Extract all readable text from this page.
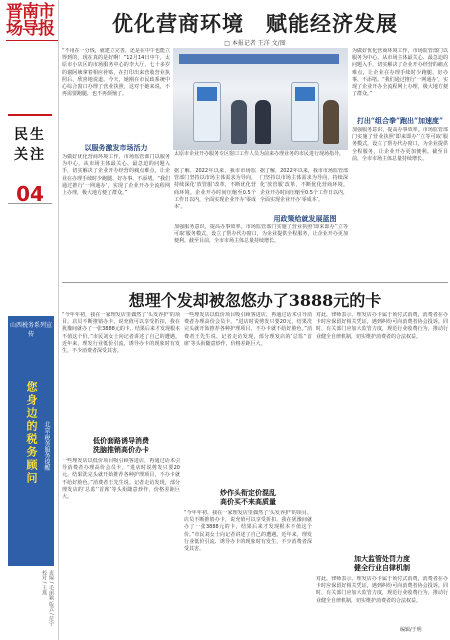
晋南市场导报
民生关注
04
山西税务系列宣传
您身边的税务顾问 北京·税务服务提醒
责编 / 毛丽颖 版式 / 范宇 校对 / 王燕
优化营商环境　赋能经济发展
□ 本报记者 王洋 文/图
“不用在一分钱，就建立完善，还是在中午也能立得到的，现在真的是好啊！”12月14日中午，太原市小店区的市场服务中心的李大厅，七十多岁的谢阿姨拿着相应补贴，在打印出来营收营业执照后，欣喜地说道。今天，她刚在市民政系统中心综合窗口办理了营业执照，这对于她来说，不再需要跑腿，也不再烦恼了。
太原市企业开办服务专区窗口工作人员为前来办理业务的市民进行现场指导。
以服务激发市场活力
为做好优化营商环境工作，市场监管部门以服务为中心，从市场主体最关心、最急迫的问题入手，切实解决了企业开办经营的痛点难点，让企业在办理手续时少跑腿、好办事、不添堵。“我们通过推行‘一网通办’，实现了企业开办全流程网上办理，极大地方便了群众。”
据了解，2022年以来，我市市场监管部门坚持以市场主体需求为导向，持续深化‘放管服’改革，不断优化营商环境。企业开办时间压缩至0.5个工作日以内，全面实现企业开办‘零成本’。
用政策给就发展蓝图
据了解，2022年以来，我市市场监管部门坚持以市场主体需求为导向，持续深化‘放管服’改革，不断优化营商环境。企业开办时间压缩至0.5个工作日以内，全面实现企业开办‘零成本’。
加强服务意识，提高办事效率。市场监管部门实施了营业执照‘即来即办’‘立等可取’服务模式，设立了帮办代办窗口，为企业提供全程服务，让企业开办更加便利。截至目前，全市市场主体总量持续增长。
为做好优化营商环境工作，市场监管部门以服务为中心，从市场主体最关心、最急迫的问题入手，切实解决了企业开办经营的痛点难点，让企业在办理手续时少跑腿、好办事、不添堵。“我们通过推行‘一网通办’，实现了企业开办全流程网上办理，极大地方便了群众。”
打出“组合拳”跑出“加速度”
加强服务意识，提高办事效率。市场监管部门实施了营业执照‘即来即办’‘立等可取’服务模式，设立了帮办代办窗口，为企业提供全程服务，让企业开办更加便利。截至目前，全市市场主体总量持续增长。
想理个发却被忽悠办了3888元的卡
“今年年初，我在一家理发店里偶然了'头发养护'的项目，店员不断推销办卡，说充值可以享受折扣，我在犹豫间就办了一张3888元的卡，结果后来才发现根本不值这个价。”市民刘女士向记者讲述了自己的遭遇。近年来，理发行业低价引流、诱导办卡的现象时有发生，不少消费者深受其害。
低价套路诱导消费
洗脑推销高价办卡
一些理发店以低价项目吸引顾客进店，再通过话术引导消费者办理高价会员卡。“进店时说剪发只要20元，结果洗完头就开始推荐各种护理项目，不办卡就不给好脸色。”消费者王先生说。记者走访发现，部分理发店的‘总监’‘首席’等头衔随意炒作，价格差距巨大。
一些理发店以低价项目吸引顾客进店，再通过话术引导消费者办理高价会员卡。“进店时说剪发只要20元，结果洗完头就开始推荐各种护理项目，不办卡就不给好脸色。”消费者王先生说。记者走访发现，部分理发店的‘总监’‘首席’等头衔随意炒作，价格差距巨大。
炒作头衔定价混乱
高价买不来高质量
“今年年初，我在一家理发店里偶然了'头发养护'的项目，店员不断推销办卡，说充值可以享受折扣，我在犹豫间就办了一张3888元的卡，结果后来才发现根本不值这个价。”市民刘女士向记者讲述了自己的遭遇。近年来，理发行业低价引流、诱导办卡的现象时有发生，不少消费者深受其害。
对此，律师表示，理发店办卡属于预付式消费，消费者在办卡时应保留好相关凭证，遇到纠纷可向消费者协会投诉。同时，有关部门应加大监管力度，规范行业收费行为，推动行业健全自律机制，切实维护消费者的合法权益。
加大监管处罚力度
健全行业自律机制
对此，律师表示，理发店办卡属于预付式消费，消费者在办卡时应保留好相关凭证，遇到纠纷可向消费者协会投诉。同时，有关部门应加大监管力度，规范行业收费行为，推动行业健全自律机制，切实维护消费者的合法权益。
编辑/于明
